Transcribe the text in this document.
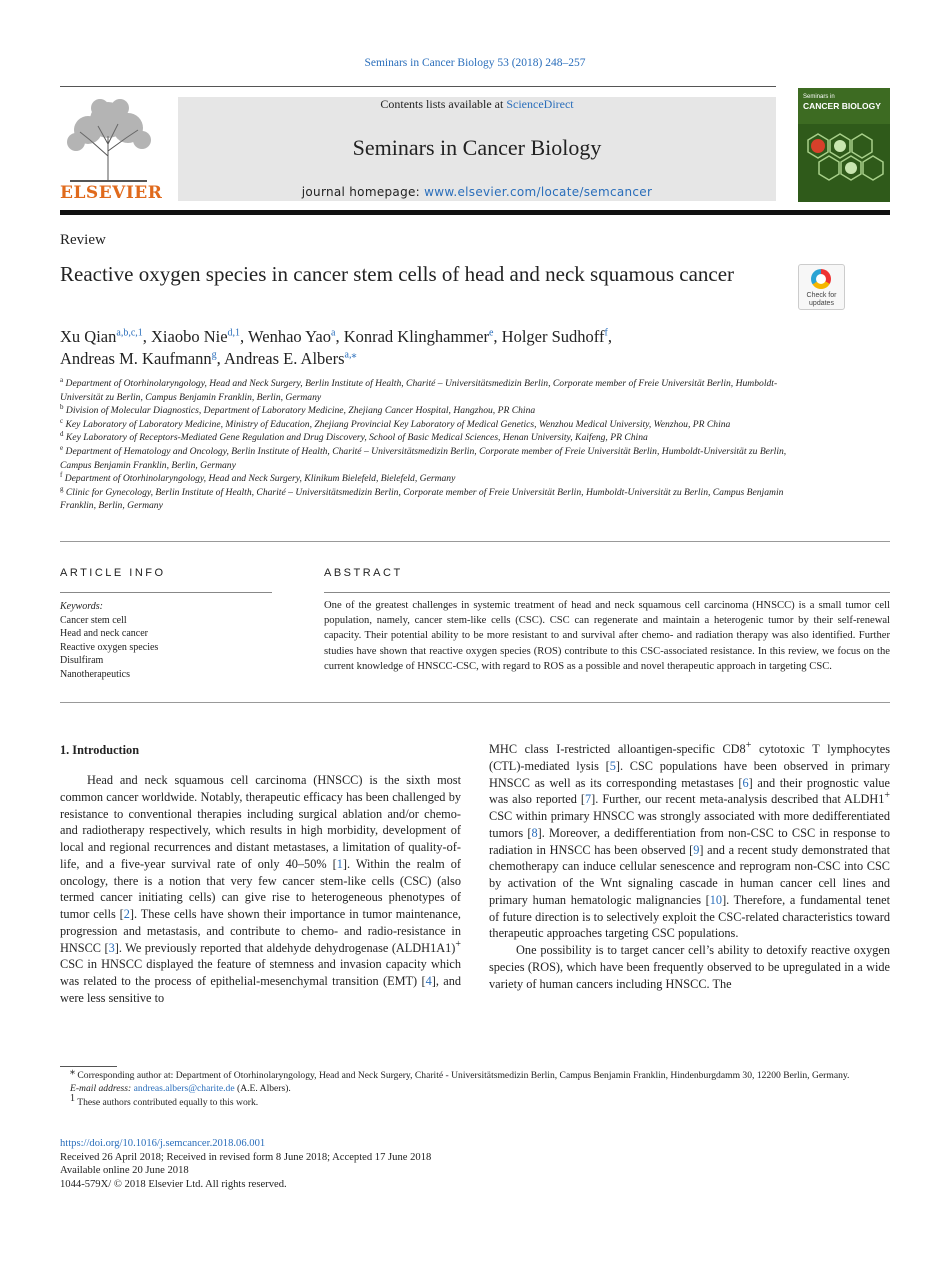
Seminars in Cancer Biology 53 (2018) 248–257
ELSEVIER
Contents lists available at ScienceDirect
Seminars in Cancer Biology
journal homepage: www.elsevier.com/locate/semcancer
Seminars in
CANCER BIOLOGY
Review
Reactive oxygen species in cancer stem cells of head and neck squamous cancer
Check for
updates
Xu Qian$^{a,b,c,1}$, Xiaobo Nie$^{d,1}$, Wenhao Yao$^a$, Konrad Klinghammer$^e$, Holger Sudhoff$^f$,
Andreas M. Kaufmann$^g$, Andreas E. Albers$^{a,⁎}$
$^a$ Department of Otorhinolaryngology, Head and Neck Surgery, Berlin Institute of Health, Charité – Universitätsmedizin Berlin, Corporate member of Freie Universität Berlin, Humboldt-Universität zu Berlin, Campus Benjamin Franklin, Berlin, Germany
$^b$ Division of Molecular Diagnostics, Department of Laboratory Medicine, Zhejiang Cancer Hospital, Hangzhou, PR China
$^c$ Key Laboratory of Laboratory Medicine, Ministry of Education, Zhejiang Provincial Key Laboratory of Medical Genetics, Wenzhou Medical University, Wenzhou, PR China
$^d$ Key Laboratory of Receptors-Mediated Gene Regulation and Drug Discovery, School of Basic Medical Sciences, Henan University, Kaifeng, PR China
$^e$ Department of Hematology and Oncology, Berlin Institute of Health, Charité – Universitätsmedizin Berlin, Corporate member of Freie Universität Berlin, Humboldt-Universität zu Berlin, Campus Benjamin Franklin, Berlin, Germany
$^f$ Department of Otorhinolaryngology, Head and Neck Surgery, Klinikum Bielefeld, Bielefeld, Germany
$^g$ Clinic for Gynecology, Berlin Institute of Health, Charité – Universitätsmedizin Berlin, Corporate member of Freie Universität Berlin, Humboldt-Universität zu Berlin, Campus Benjamin Franklin, Berlin, Germany
ARTICLE INFO	ABSTRACT
Keywords:
Cancer stem cell
Head and neck cancer
Reactive oxygen species
Disulfiram
Nanotherapeutics
One of the greatest challenges in systemic treatment of head and neck squamous cell carcinoma (HNSCC) is a small tumor cell population, namely, cancer stem-like cells (CSC). CSC can regenerate and maintain a heterogenic tumor by their self-renewal capacity. Their potential ability to be more resistant to and survival after chemo- and radiation therapy was also identified. Further studies have shown that reactive oxygen species (ROS) contribute to this CSC-associated resistance. In this review, we focus on the current knowledge of HNSCC-CSC, with regard to ROS as a possible and novel therapeutic approach in targeting CSC.
1. Introduction

Head and neck squamous cell carcinoma (HNSCC) is the sixth most common cancer worldwide. Notably, therapeutic efficacy has been challenged by resistance to conventional therapies including surgical ablation and/or chemo- and radiotherapy respectively, which results in high morbidity, development of local and regional recurrences and distant metastases, a limitation of quality-of-life, and a five-year survival rate of only 40–50% [1]. Within the realm of oncology, there is a notion that very few cancer stem-like cells (CSC) (also termed cancer initiating cells) can give rise to heterogeneous phenotypes of tumor cells [2]. These cells have shown their importance in tumor maintenance, progression and metastasis, and contribute to chemo- and radio-resistance in HNSCC [3]. We previously reported that aldehyde dehydrogenase (ALDH1A1)+ CSC in HNSCC displayed the feature of stemness and invasion capacity which was related to the process of epithelial-mesenchymal transition (EMT) [4], and were less sensitive to

MHC class I-restricted alloantigen-specific CD8+ cytotoxic T lymphocytes (CTL)-mediated lysis [5]. CSC populations have been observed in primary HNSCC as well as its corresponding metastases [6] and their prognostic value was also reported [7]. Further, our recent meta-analysis described that ALDH1+ CSC within primary HNSCC was strongly associated with more dedifferentiated tumors [8]. Moreover, a dedifferentiation from non-CSC to CSC in response to radiation in HNSCC has been observed [9] and a recent study demonstrated that chemotherapy can induce cellular senescence and reprogram non-CSC into CSC by activation of the Wnt signaling cascade in human cancer cell lines and primary human hematologic malignancies [10]. Therefore, a fundamental tenet of future direction is to selectively exploit the CSC-related characteristics toward therapeutic approaches targeting CSC populations.

One possibility is to target cancer cell’s ability to detoxify reactive oxygen species (ROS), which have been frequently observed to be upregulated in a wide variety of human cancers including HNSCC. The

⁎ Corresponding author at: Department of Otorhinolaryngology, Head and Neck Surgery, Charité - Universitätsmedizin Berlin, Campus Benjamin Franklin, Hindenburgdamm 30, 12200 Berlin, Germany.

E-mail address: andreas.albers@charite.de (A.E. Albers).

$^1$ These authors contributed equally to this work.

https://doi.org/10.1016/j.semcancer.2018.06.001
Received 26 April 2018; Received in revised form 8 June 2018; Accepted 17 June 2018
Available online 20 June 2018
1044-579X/ © 2018 Elsevier Ltd. All rights reserved.
